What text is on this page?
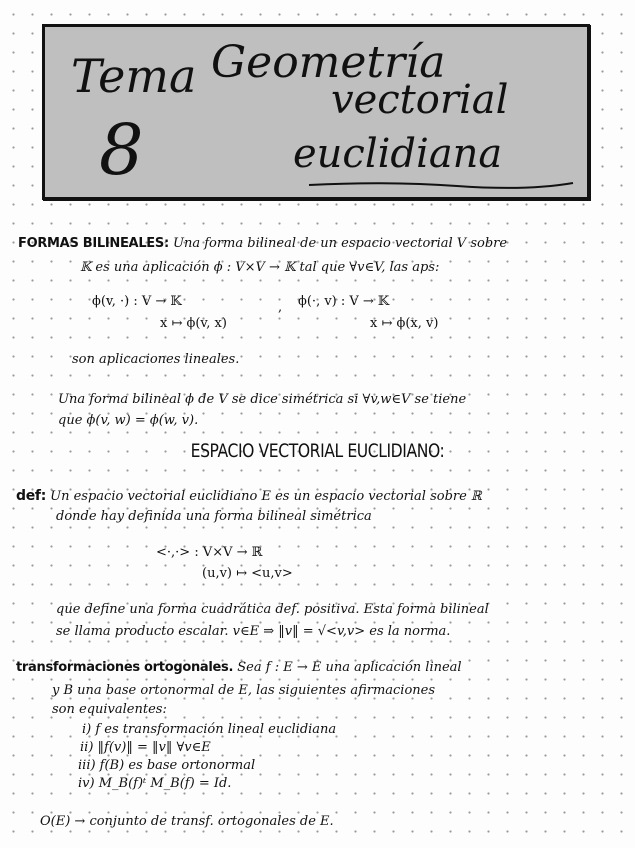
Tema
8
Geometría
vectorial
euclidiana
FORMAS BILINEALES: Una forma bilineal de un espacio vectorial V sobre
𝕂 es una aplicación ϕ : V×V → 𝕂 tal que ∀v∈V, las aps:
ϕ(v, ·) : V → 𝕂
x ↦ ϕ(v, x)
, ϕ(·, v) : V → 𝕂
x ↦ ϕ(x, v)
son aplicaciones lineales.
Una forma bilineal ϕ de V se dice simétrica si ∀v,w∈V se tiene
que ϕ(v, w) = ϕ(w, v).
ESPACIO VECTORIAL EUCLIDIANO:
def: Un espacio vectorial euclidiano E es un espacio vectorial sobre ℝ
donde hay definida una forma bilineal simétrica
<·,·> : V×V → ℝ
(u,v) ↦ <u,v>
que define una forma cuadrática def. positiva. Esta forma bilineal
se llama producto escalar. v∈E ⇒ ‖v‖ = √<v,v> es la norma.
transformaciones ortogonales. Sea f : E → E una aplicación lineal
y B una base ortonormal de E, las siguientes afirmaciones
son equivalentes:
i) f es transformación lineal euclidiana
ii) ‖f(v)‖ = ‖v‖ ∀v∈E
iii) f(B) es base ortonormal
iv) M_B(f)ᵗ M_B(f) = Id.
O(E) → conjunto de transf. ortogonales de E.
